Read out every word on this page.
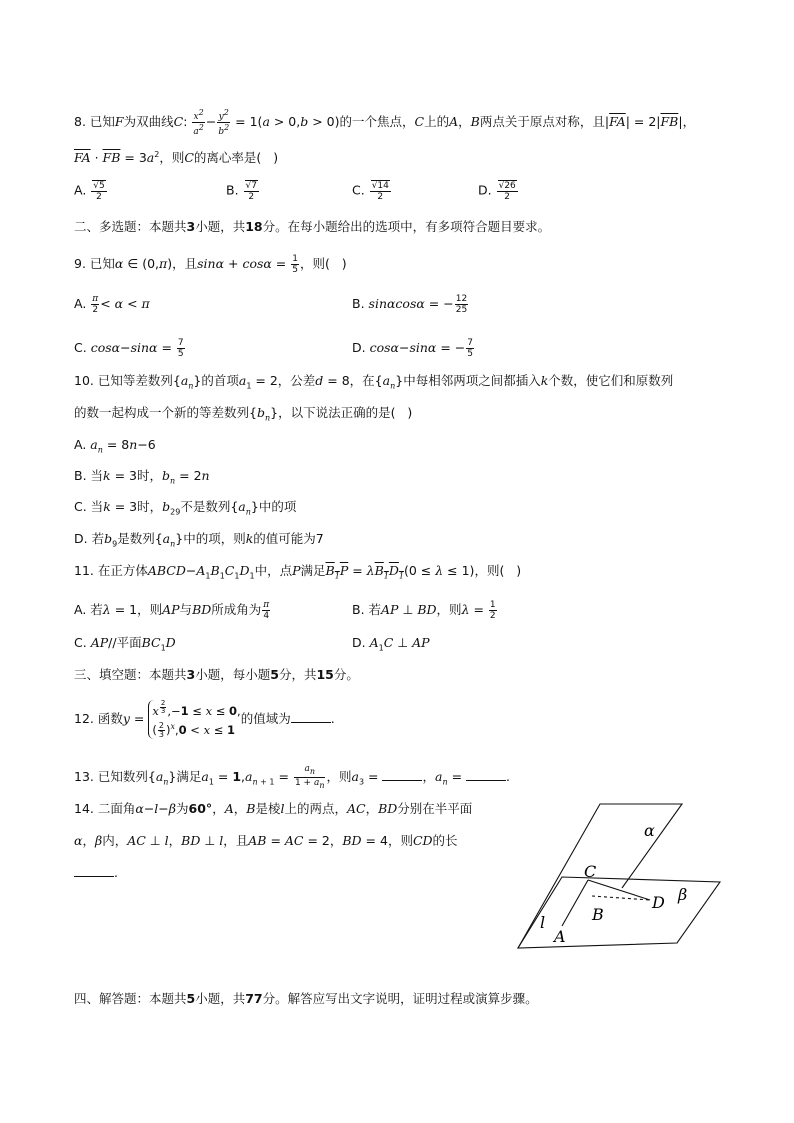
8. 已知F为双曲线C: $\frac{x^2}{a^2} - \frac{y^2}{b^2} = 1(a > 0,b > 0)$的一个焦点，C上的A，B两点关于原点对称，且$|\overline{FA}| = 2|\overline{FB}|$，
$\overline{FA} \cdot \overline{FB} = 3a^2$，则C的离心率是(   )
A. $\frac{√5}{2}$	B. $\frac{√7}{2}$	C. $\frac{√14}{2}$	D. $\frac{√26}{2}$
二、多选题：本题共3小题，共18分。在每小题给出的选项中，有多项符合题目要求。
9. 已知α ∈ (0,π)，且$\sin\alpha + \cos\alpha = \frac{1}{5}$ ，则(   )
A. $\frac{\pi}{2} < \alpha < \pi$	B. sinαcosα = − $\frac{12}{25}$
C. $\cos\alpha-\sin\alpha = \frac{7}{5}$	D. cosα−sinα = − $\frac{7}{5}$
10. 已知等差数列$\{a_n\}$的首项$a_1 = 2$，公差d = 8，在$\{a_n\}$中每相邻两项之间都插入k个数，使它们和原数列
的数一起构成一个新的等差数列$\{b_n\}$，以下说法正确的是(   )
A. $a_n = 8n-6$
B. 当k = 3时，$b_n = 2n$
C. 当k = 3时，$b_{29}$不是数列$\{a_n\}$中的项
D. 若$b_9$是数列$\{a_n\}$中的项，则k的值可能为7
11. 在正方体$ABCD-A_1B_1C_1D_1$中，点P满足$B_1P = \lambda B_1D_1(0 \le \lambda \le 1)$，则(   )
A. 若λ = 1，则AP与BD所成角为 $\frac{\pi}{4}$	B. 若AP ⊥ BD，则$\lambda = \frac{1}{2}$
C. AP//平面$BC_1D$	D. $A_1C$ ⊥ AP
三、填空题：本题共3小题，每小题5分，共15分。
12. 函数y = x $^{\frac{2}{3}}$ ,−1 ≤ x ≤ 0,
( $\frac{2}{3} )^x,0 < x \le 1$的值域为	.
13. 已知数列$\{a_n\}$满足$a_1 = 1,a_{n + 1} = \frac{a_n}{1 + a_n}$ ，则$a_3$ =	，$a_n$ =	.
14. 二面角α−l−β为60°，A，B是棱l上的两点，AC，BD分别在半平面
α，β内，AC ⊥ l，BD ⊥ l，且AB = AC = 2，BD = 4，则CD的长
.
α
C
D β
B
l
A
四、解答题：本题共5小题，共77分。解答应写出文字说明，证明过程或演算步骤。
